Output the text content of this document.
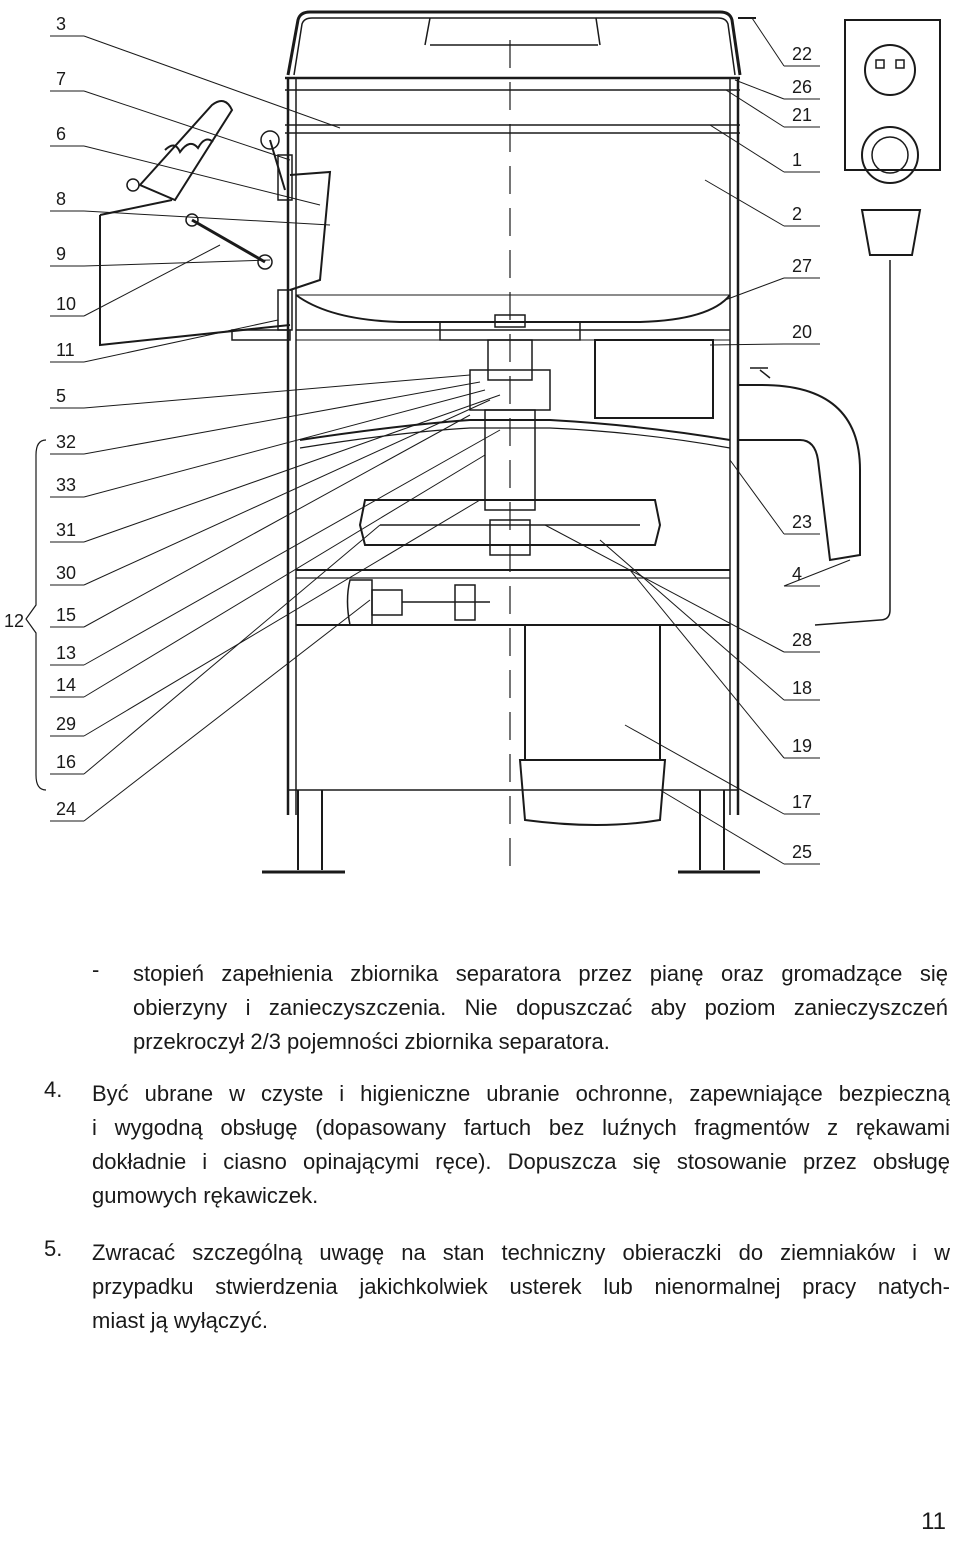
3
7
6
8
9
10
11
5
32
33
31
30
15
13
14
29
16
24
22
26
21
1
2
27
20
23
4
28
18
19
17
25
12
- stopień zapełnienia zbiornika separatora przez pianę oraz gromadzące się
obierzyny i zanieczyszczenia. Nie dopuszczać aby poziom zanieczyszczeń
przekroczył 2/3 pojemności zbiornika separatora.
4. Być ubrane w czyste i higieniczne ubranie ochronne, zapewniające bezpieczną
i wygodną obsługę (dopasowany fartuch bez luźnych fragmentów z rękawami
dokładnie i ciasno opinającymi ręce). Dopuszcza się stosowanie przez obsługę
gumowych rękawiczek.
5. Zwracać szczególną uwagę na stan techniczny obieraczki do ziemniaków i w
przypadku stwierdzenia jakichkolwiek usterek lub nienormalnej pracy natych-
miast ją wyłączyć.
11
